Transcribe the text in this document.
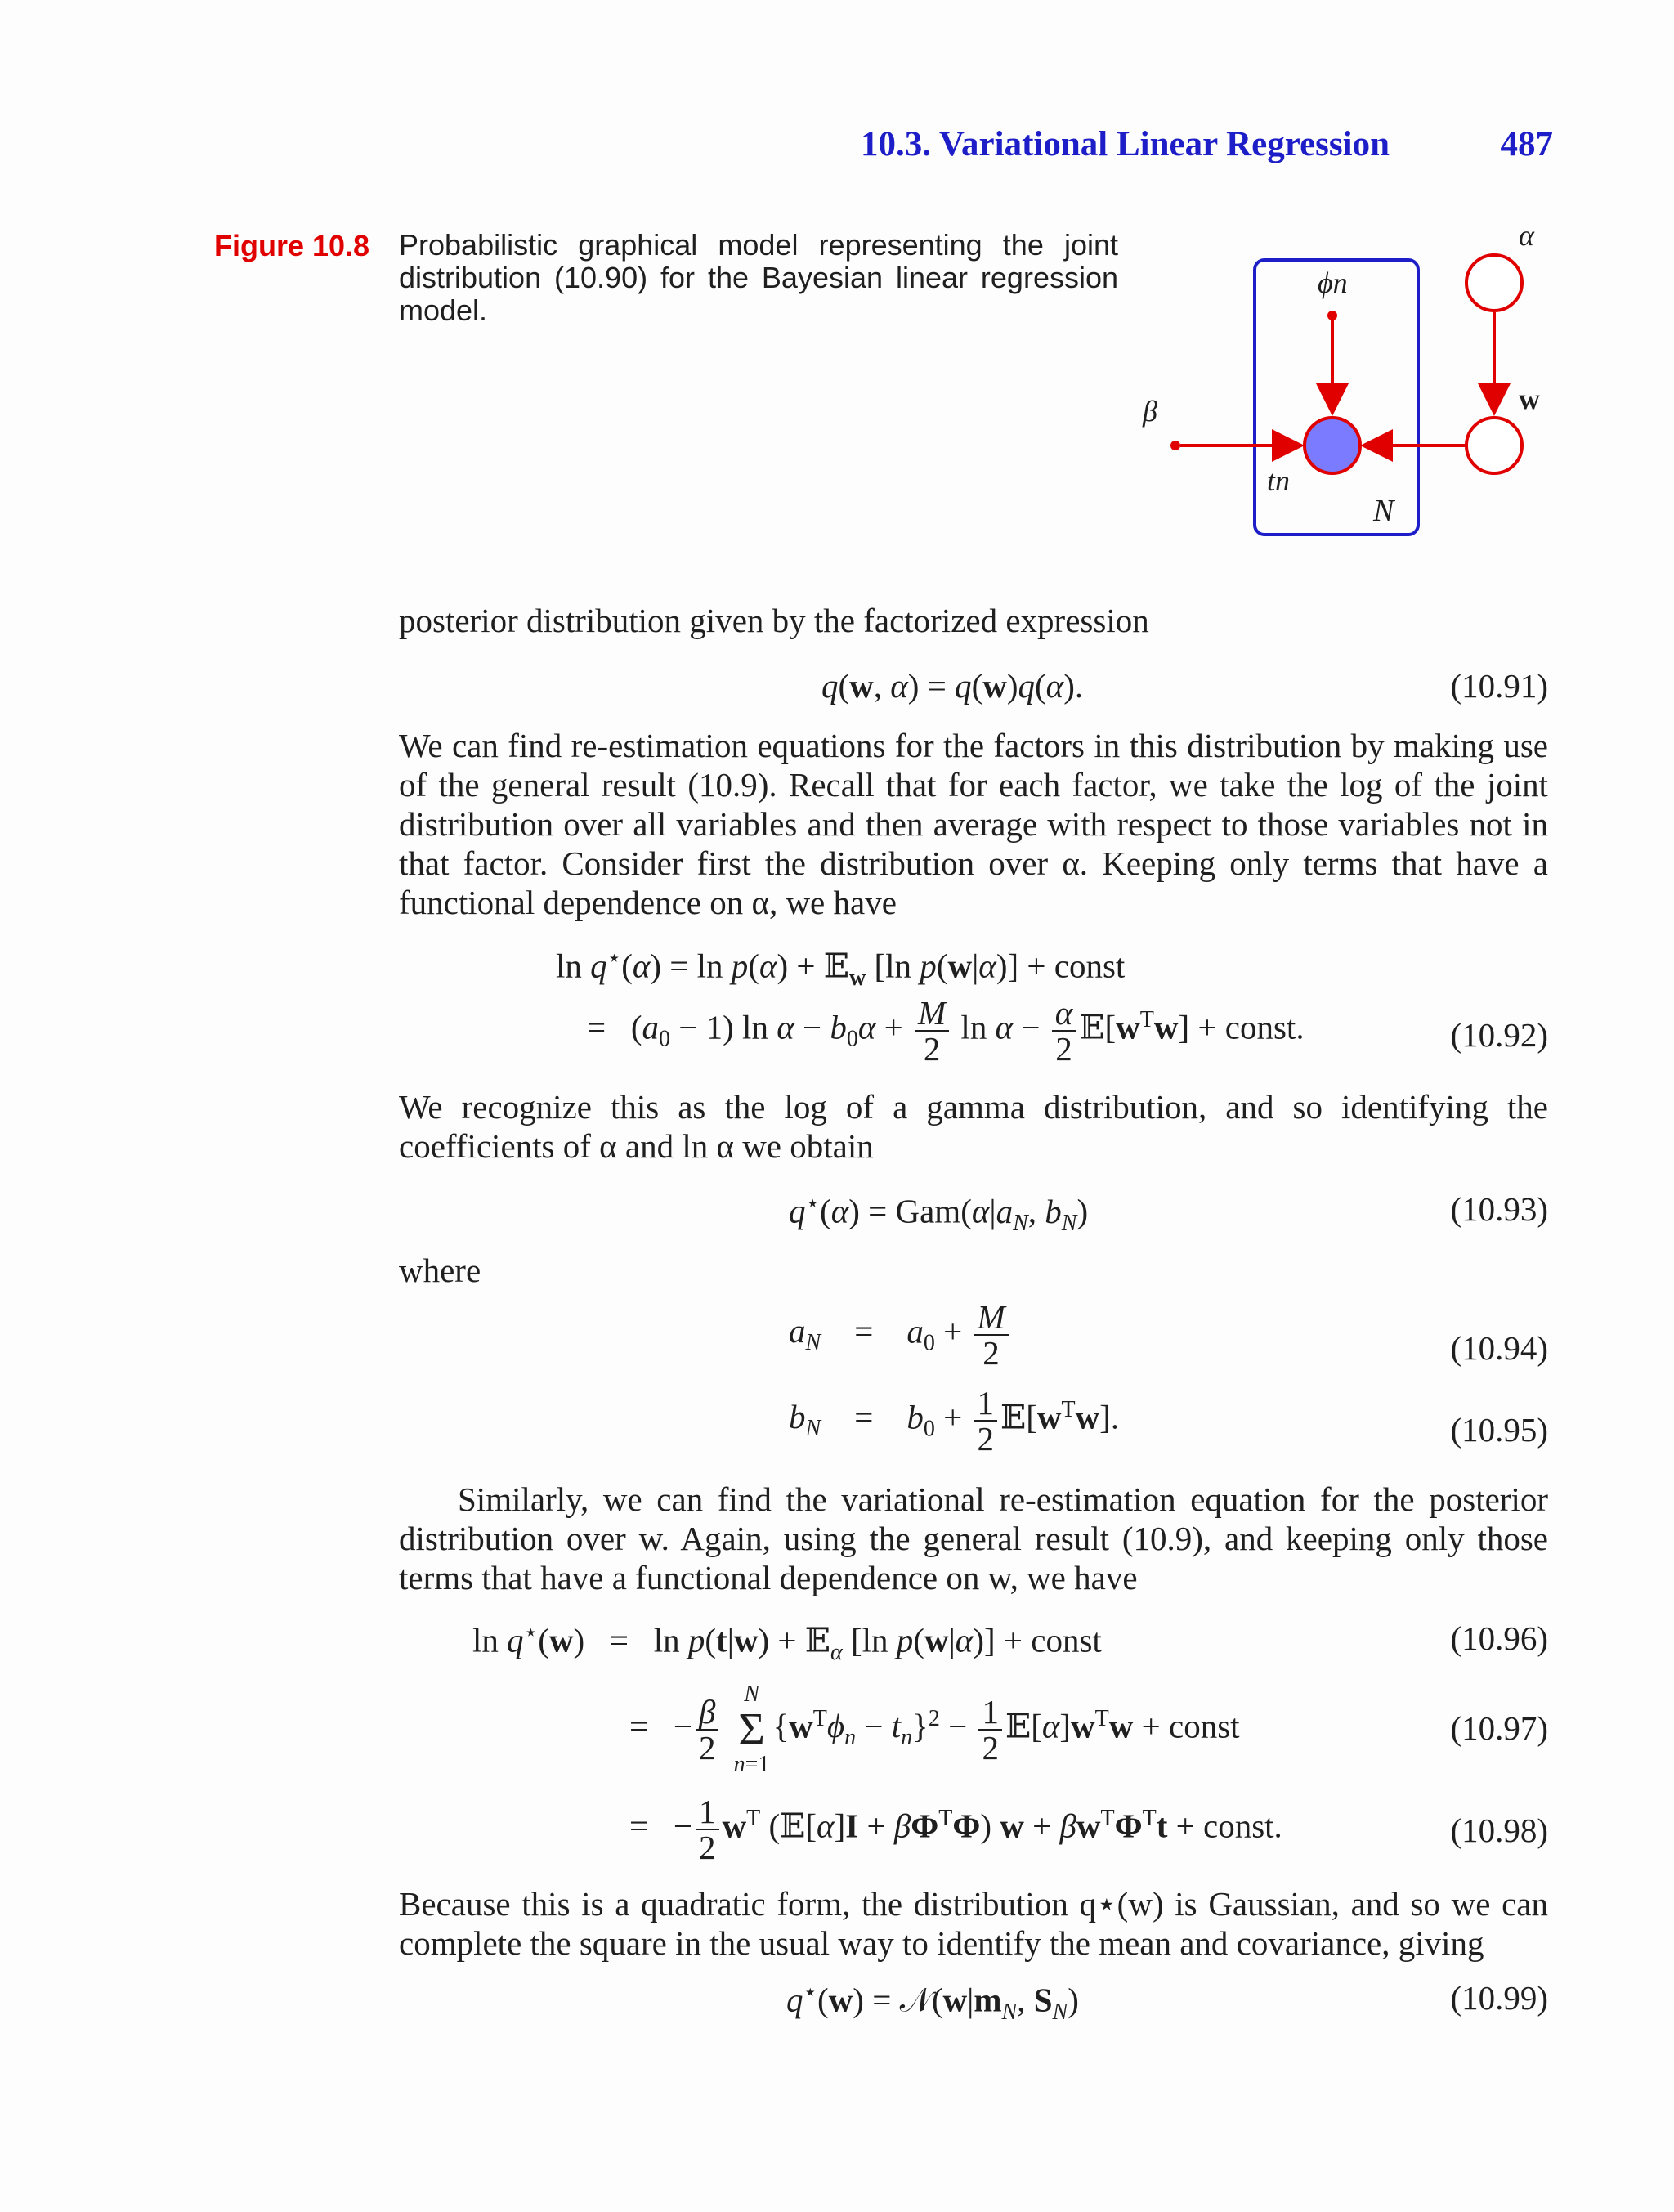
10.3. Variational Linear Regression	487
Figure 10.8 Probabilistic graphical model representing the joint distribution (10.90) for the Bayesian linear regression model.
N
ϕn
tn
β
α
w
posterior distribution given by the factorized expression
q(w, α) = q(w)q(α).	(10.91)
We can find re-estimation equations for the factors in this distribution by making use of the general result (10.9). Recall that for each factor, we take the log of the joint distribution over all variables and then average with respect to those variables not in that factor. Consider first the distribution over α. Keeping only terms that have a functional dependence on α, we have
ln q⋆(α) = ln p(α) + 𝔼$_w$ [ln p(w|α)] + const
=   $(a_0 - 1)$ $\ln \alpha - b_0\alpha + \frac{M}{2}$ $\ln \alpha - \frac{\alpha}{2}$ $𝔼[w^Tw]$ + const.	(10.92)
We recognize this as the log of a gamma distribution, and so identifying the coefficients of α and ln α we obtain
$q^⋆(\alpha) = Gam(\alpha|a_N$, $b_N$)	(10.93)
where
$a_N$    =    $a_0 + \frac{M}{2}$	(10.94)
$b_N$    =    $b_0 + \frac{1}{2}$ $𝔼[w^Tw]$.	(10.95)
Similarly, we can find the variational re-estimation equation for the posterior distribution over w. Again, using the general result (10.9), and keeping only those terms that have a functional dependence on w, we have
ln q⋆(w)   =   ln p(t|w) + 𝔼$_\alpha$ [ln p(w|α)] + const	(10.96)
=   − $\frac{\beta}{2}$

N
Σ
n=1
$\{w^T\phi_n - t_n\}^2 - \frac{1}{2}$ $𝔼[\alpha]w^Tw$ + const	(10.97)
=   − $\frac{1}{2} w^T$ (𝔼[α]I + $\beta\Phi^T\Phi$) $w + \beta w^T\Phi^Tt$ + const.	(10.98)
Because this is a quadratic form, the distribution q⋆(w) is Gaussian, and so we can complete the square in the usual way to identify the mean and covariance, giving
$q^⋆(w) = 𝒩(w|m_N$, $S_N$)	(10.99)
